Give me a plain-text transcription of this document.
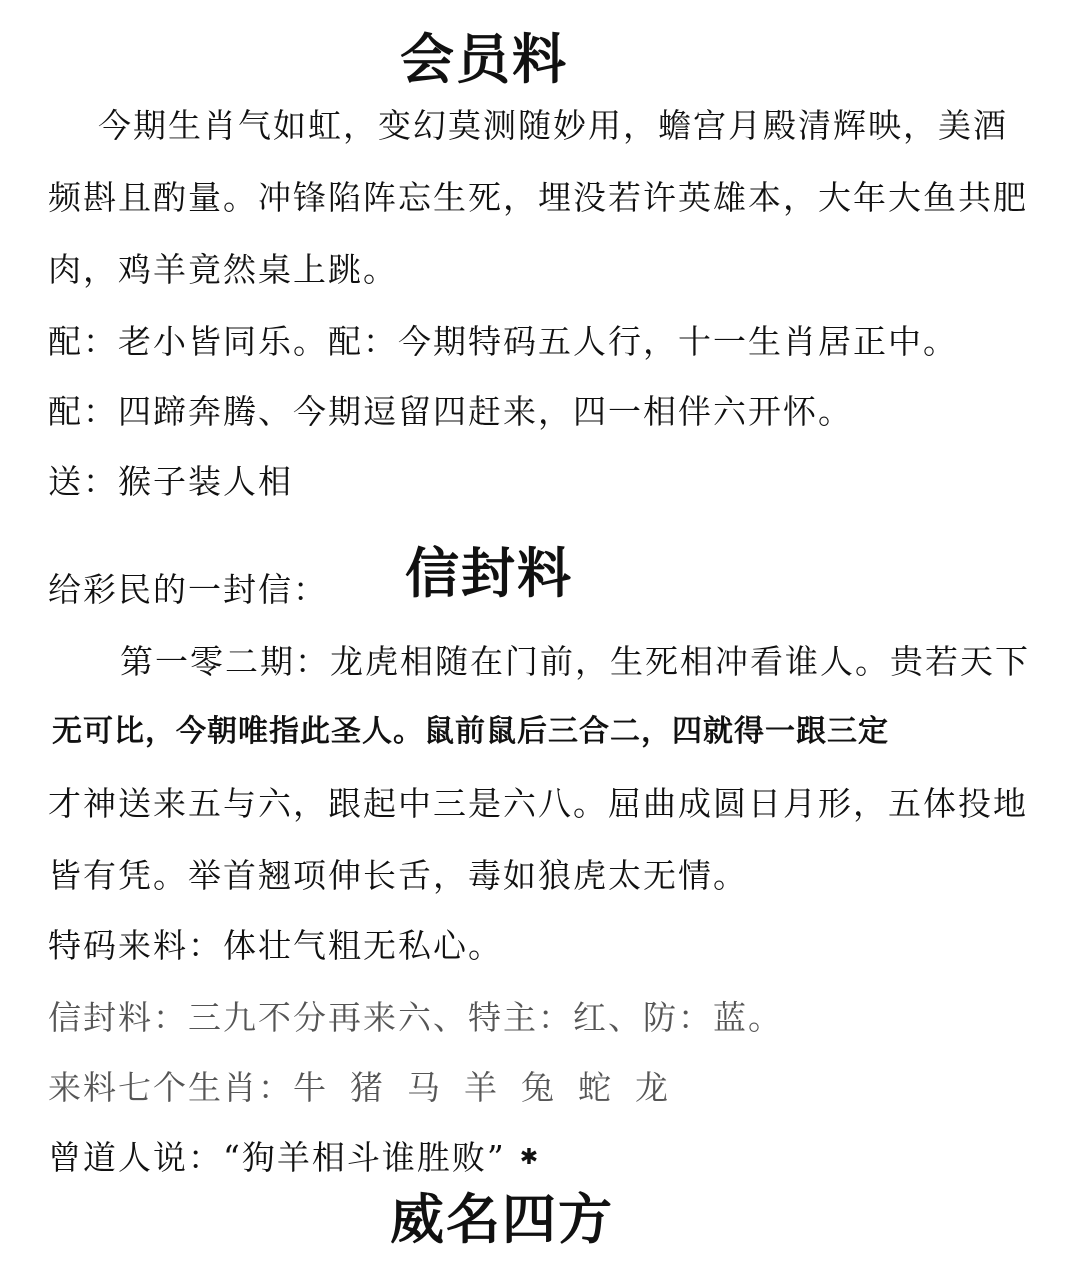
会员料
今期生肖气如虹，变幻莫测随妙用，蟾宫月殿清辉映，美酒
频斟且酌量。冲锋陷阵忘生死，埋没若许英雄本，大年大鱼共肥
肉，鸡羊竟然桌上跳。
配：老小皆同乐。配：今期特码五人行，十一生肖居正中。
配：四蹄奔腾、今期逗留四赶来，四一相伴六开怀。
送：猴子装人相
给彩民的一封信： 信封料
第一零二期：龙虎相随在门前，生死相冲看谁人。贵若天下
无可比，今朝唯指此圣人。鼠前鼠后三合二，四就得一跟三定
才神送来五与六，跟起中三是六八。屈曲成圆日月形，五体投地
皆有凭。举首翘项伸长舌，毒如狼虎太无情。
特码来料：体壮气粗无私心。
信封料：三九不分再来六、特主：红、防：蓝。
来料七个生肖：牛 猪 马 羊 兔 蛇 龙
曾道人说：“狗羊相斗谁胜败” ✱
威名四方
